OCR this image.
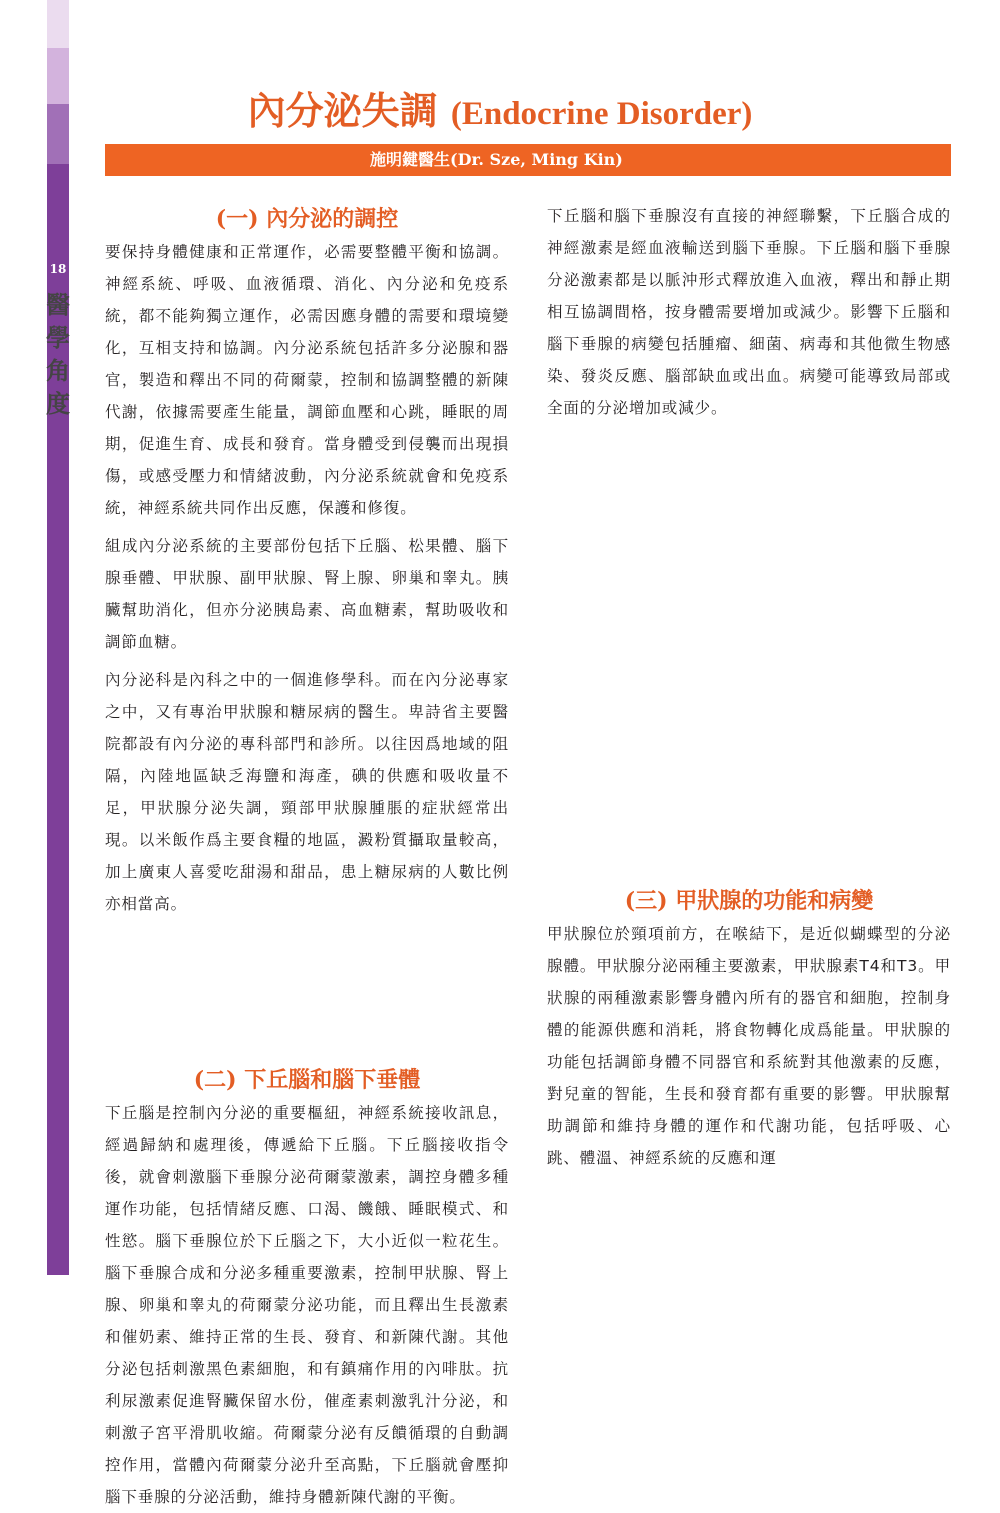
18
醫學角度
內分泌失調 (Endocrine Disorder)
施明鍵醫生(Dr. Sze, Ming Kin)
(一) 內分泌的調控

要保持身體健康和正常運作，必需要整體平衡和協調。神經系統、呼吸、血液循環、消化、內分泌和免疫系統，都不能夠獨立運作，必需因應身體的需要和環境變化，互相支持和協調。內分泌系統包括許多分泌腺和器官，製造和釋出不同的荷爾蒙，控制和協調整體的新陳代謝，依據需要產生能量，調節血壓和心跳，睡眠的周期，促進生育、成長和發育。當身體受到侵襲而出現損傷，或感受壓力和情緒波動，內分泌系統就會和免疫系統，神經系統共同作出反應，保護和修復。

組成內分泌系統的主要部份包括下丘腦、松果體、腦下腺垂體、甲狀腺、副甲狀腺、腎上腺、卵巢和睾丸。胰臟幫助消化，但亦分泌胰島素、高血糖素，幫助吸收和調節血糖。

內分泌科是內科之中的一個進修學科。而在內分泌專家之中，又有專治甲狀腺和糖尿病的醫生。卑詩省主要醫院都設有內分泌的專科部門和診所。以往因爲地域的阻隔，內陸地區缺乏海鹽和海產，碘的供應和吸收量不足，甲狀腺分泌失調，頸部甲狀腺腫脹的症狀經常出現。以米飯作爲主要食糧的地區，澱粉質攝取量較高，加上廣東人喜愛吃甜湯和甜品，患上糖尿病的人數比例亦相當高。

(二) 下丘腦和腦下垂體

下丘腦是控制內分泌的重要樞紐，神經系統接收訊息，經過歸納和處理後，傳遞給下丘腦。下丘腦接收指令後，就會刺激腦下垂腺分泌荷爾蒙激素，調控身體多種運作功能，包括情緒反應、口渴、饑餓、睡眠模式、和性慾。腦下垂腺位於下丘腦之下，大小近似一粒花生。腦下垂腺合成和分泌多種重要激素，控制甲狀腺、腎上腺、卵巢和睾丸的荷爾蒙分泌功能，而且釋出生長激素和催奶素、維持正常的生長、發育、和新陳代謝。其他分泌包括刺激黑色素細胞，和有鎮痛作用的內啡肽。抗利尿激素促進腎臟保留水份，催產素刺激乳汁分泌，和刺激子宮平滑肌收縮。荷爾蒙分泌有反饋循環的自動調控作用，當體內荷爾蒙分泌升至高點，下丘腦就會壓抑腦下垂腺的分泌活動，維持身體新陳代謝的平衡。

下丘腦和腦下垂腺沒有直接的神經聯繫，下丘腦合成的神經激素是經血液輸送到腦下垂腺。下丘腦和腦下垂腺分泌激素都是以脈沖形式釋放進入血液，釋出和靜止期相互協調間格，按身體需要增加或減少。影響下丘腦和腦下垂腺的病變包括腫瘤、細菌、病毒和其他微生物感染、發炎反應、腦部缺血或出血。病變可能導致局部或全面的分泌增加或減少。

(三) 甲狀腺的功能和病變

甲狀腺位於頸項前方，在喉結下，是近似蝴蝶型的分泌腺體。甲狀腺分泌兩種主要激素，甲狀腺素T4和T3。甲狀腺的兩種激素影響身體內所有的器官和細胞，控制身體的能源供應和消耗，將食物轉化成爲能量。甲狀腺的功能包括調節身體不同器官和系統對其他激素的反應，對兒童的智能，生長和發育都有重要的影響。甲狀腺幫助調節和維持身體的運作和代謝功能，包括呼吸、心跳、體溫、神經系統的反應和運
